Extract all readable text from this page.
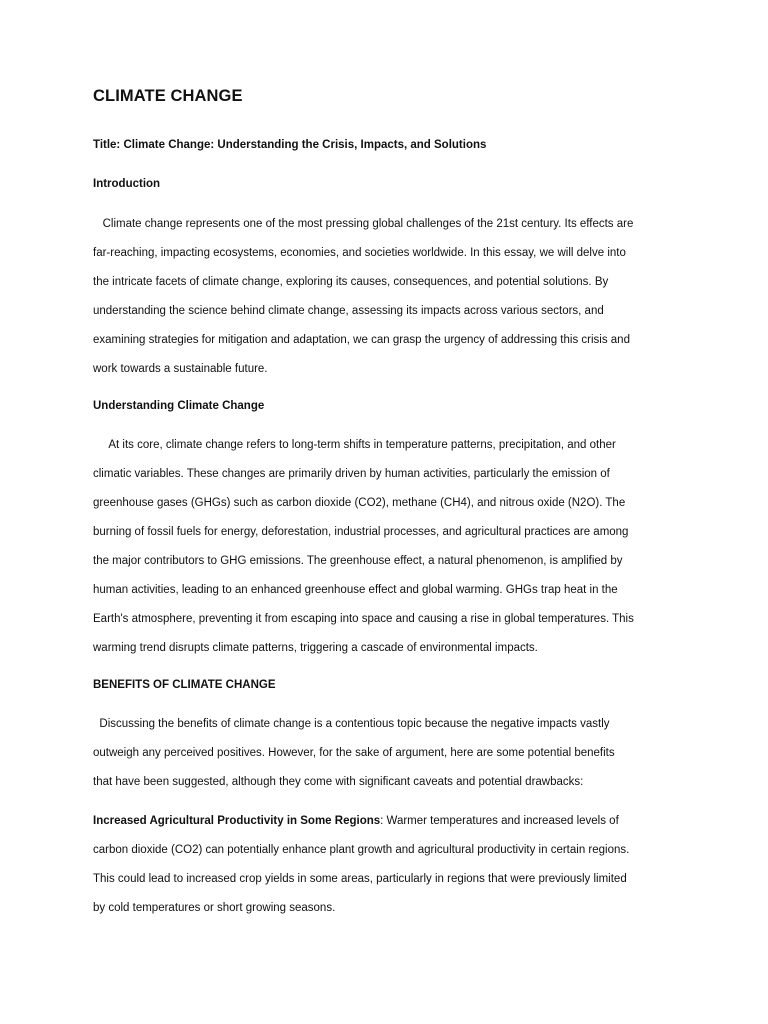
CLIMATE CHANGE
Title: Climate Change: Understanding the Crisis, Impacts, and Solutions
Introduction

Climate change represents one of the most pressing global challenges of the 21st century. Its effects are
far-reaching, impacting ecosystems, economies, and societies worldwide. In this essay, we will delve into
the intricate facets of climate change, exploring its causes, consequences, and potential solutions. By
understanding the science behind climate change, assessing its impacts across various sectors, and
examining strategies for mitigation and adaptation, we can grasp the urgency of addressing this crisis and
work towards a sustainable future.

Understanding Climate Change

At its core, climate change refers to long-term shifts in temperature patterns, precipitation, and other
climatic variables. These changes are primarily driven by human activities, particularly the emission of
greenhouse gases (GHGs) such as carbon dioxide (CO2), methane (CH4), and nitrous oxide (N2O). The
burning of fossil fuels for energy, deforestation, industrial processes, and agricultural practices are among
the major contributors to GHG emissions. The greenhouse effect, a natural phenomenon, is amplified by
human activities, leading to an enhanced greenhouse effect and global warming. GHGs trap heat in the
Earth's atmosphere, preventing it from escaping into space and causing a rise in global temperatures. This
warming trend disrupts climate patterns, triggering a cascade of environmental impacts.

BENEFITS OF CLIMATE CHANGE

Discussing the benefits of climate change is a contentious topic because the negative impacts vastly
outweigh any perceived positives. However, for the sake of argument, here are some potential benefits
that have been suggested, although they come with significant caveats and potential drawbacks:

Increased Agricultural Productivity in Some Regions: Warmer temperatures and increased levels of
carbon dioxide (CO2) can potentially enhance plant growth and agricultural productivity in certain regions.
This could lead to increased crop yields in some areas, particularly in regions that were previously limited
by cold temperatures or short growing seasons.
